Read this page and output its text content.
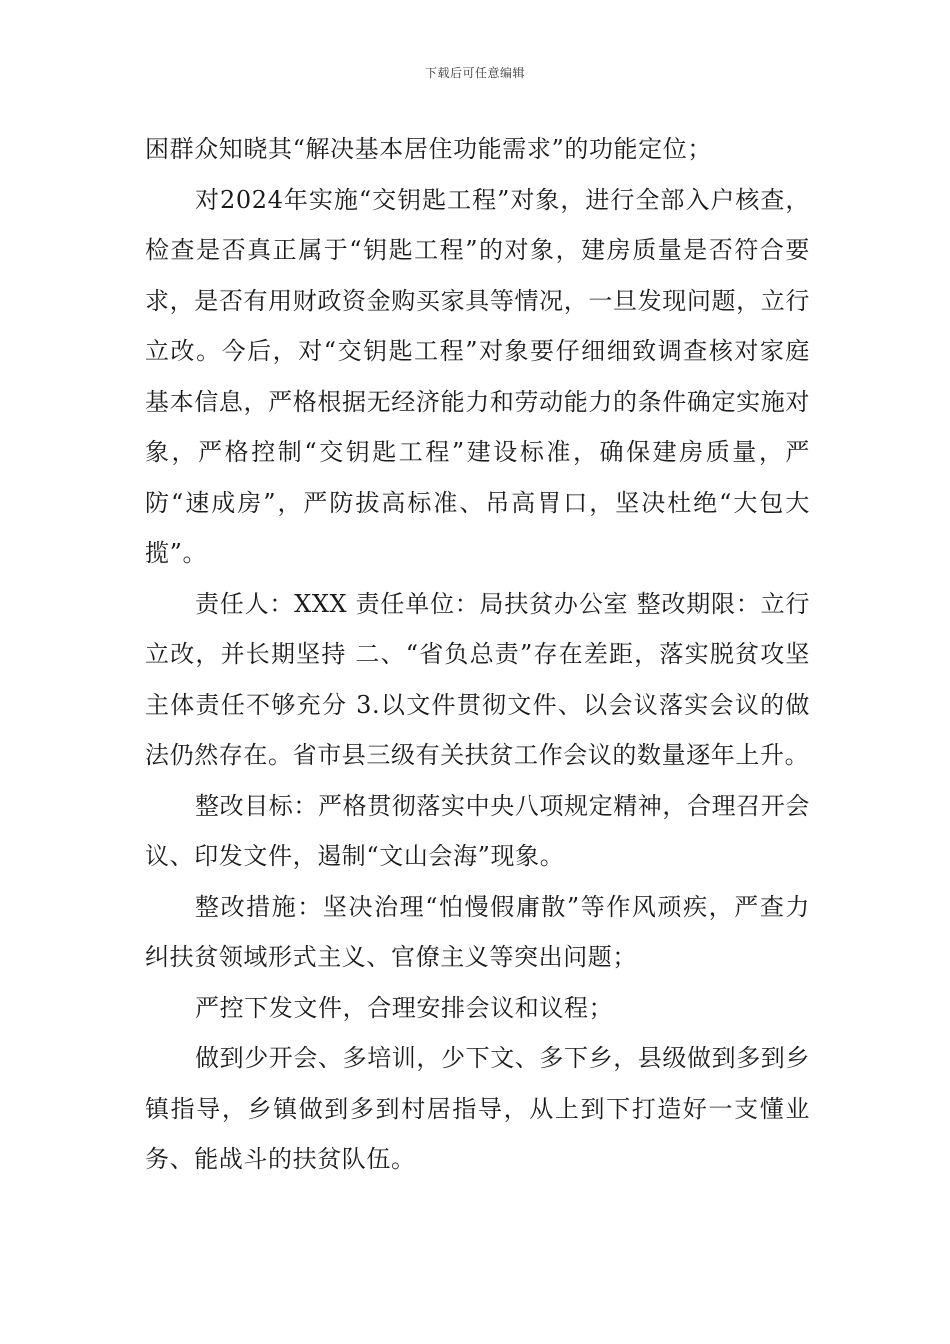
下载后可任意编辑

困群众知晓其“解决基本居住功能需求”的功能定位；

对2024年实施“交钥匙工程”对象，进行全部入户核查，检查是否真正属于“钥匙工程”的对象，建房质量是否符合要求，是否有用财政资金购买家具等情况，一旦发现问题，立行立改。今后，对“交钥匙工程”对象要仔细细致调查核对家庭基本信息，严格根据无经济能力和劳动能力的条件确定实施对象，严格控制“交钥匙工程”建设标准，确保建房质量，严防“速成房”，严防拔高标准、吊高胃口，坚决杜绝“大包大揽”。

责任人：XXX 责任单位：局扶贫办公室 整改期限：立行立改，并长期坚持 二、“省负总责”存在差距，落实脱贫攻坚主体责任不够充分 3.以文件贯彻文件、以会议落实会议的做法仍然存在。省市县三级有关扶贫工作会议的数量逐年上升。

整改目标：严格贯彻落实中央八项规定精神，合理召开会议、印发文件，遏制“文山会海”现象。

整改措施：坚决治理“怕慢假庸散”等作风顽疾，严查力纠扶贫领域形式主义、官僚主义等突出问题；

严控下发文件，合理安排会议和议程；

做到少开会、多培训，少下文、多下乡，县级做到多到乡镇指导，乡镇做到多到村居指导，从上到下打造好一支懂业务、能战斗的扶贫队伍。
